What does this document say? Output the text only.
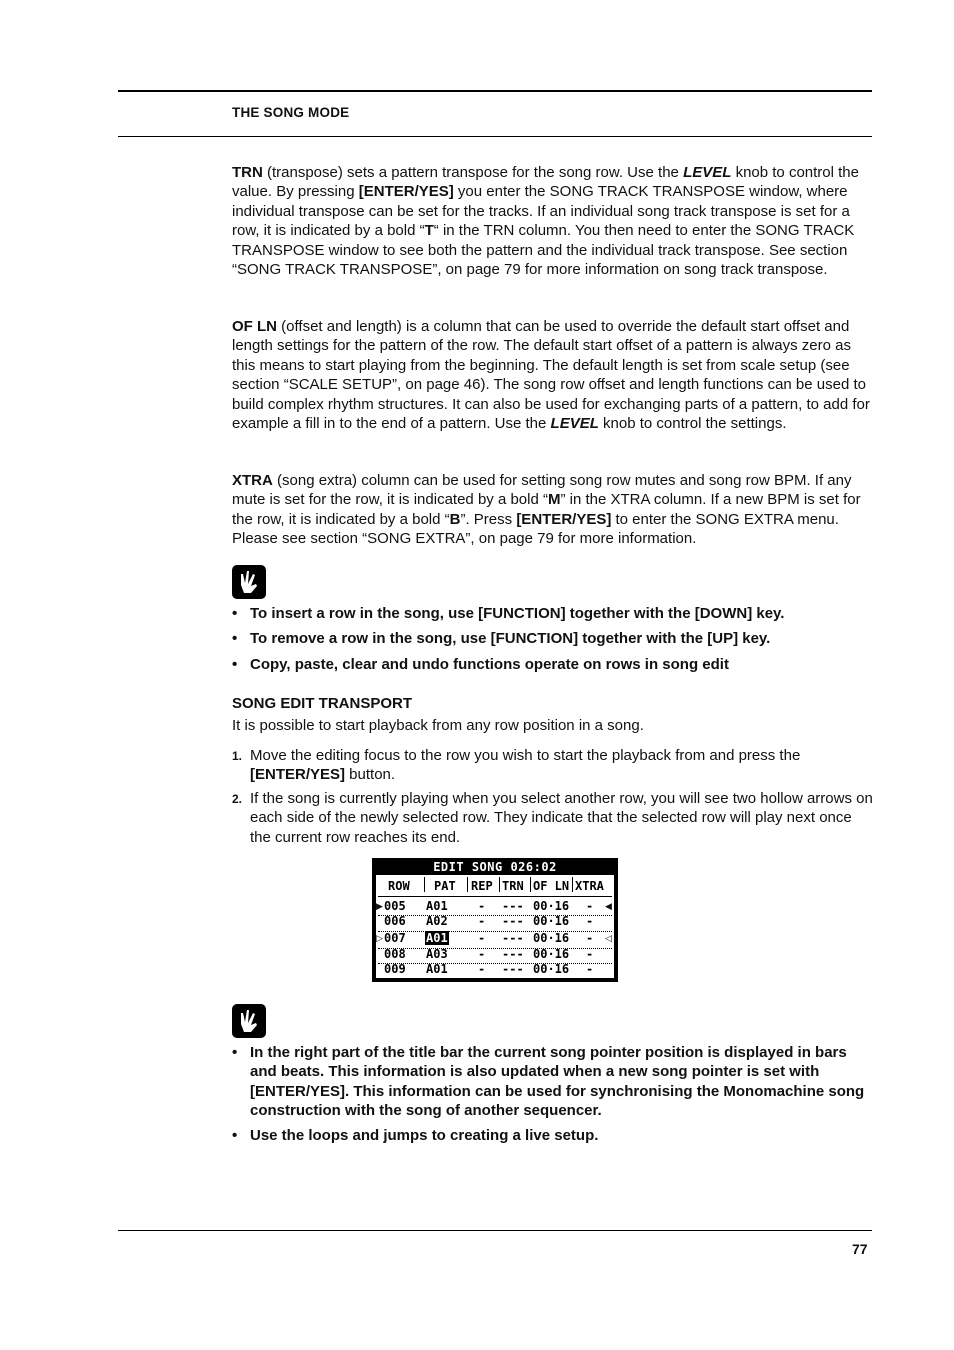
THE SONG MODE

TRN (transpose) sets a pattern transpose for the song row. Use the LEVEL knob to control the value. By pressing [ENTER/YES] you enter the SONG TRACK TRANSPOSE window, where individual transpose can be set for the tracks. If an individual song track transpose is set for a row, it is indicated by a bold “T“ in the TRN column. You then need to enter the SONG TRACK TRANSPOSE window to see both the pattern and the individual track transpose. See section “SONG TRACK TRANSPOSE”, on page 79 for more information on song track transpose.

OF LN (offset and length) is a column that can be used to override the default start offset and length settings for the pattern of the row. The default start offset of a pattern is always zero as this means to start playing from the beginning. The default length is set from scale setup (see section “SCALE SETUP”, on page 46). The song row offset and length functions can be used to build complex rhythm structures. It can also be used for exchanging parts of a pattern, to add for example a fill in to the end of a pattern. Use the LEVEL knob to control the settings.

XTRA (song extra) column can be used for setting song row mutes and song row BPM. If any mute is set for the row, it is indicated by a bold “M” in the XTRA column. If a new BPM is set for the row, it is indicated by a bold “B”. Press [ENTER/YES] to enter the SONG EXTRA menu. Please see section “SONG EXTRA”, on page 79 for more information.

• To insert a row in the song, use [FUNCTION] together with the [DOWN] key.
• To remove a row in the song, use [FUNCTION] together with the [UP] key.
• Copy, paste, clear and undo functions operate on rows in song edit
SONG EDIT TRANSPORT
It is possible to start playback from any row position in a song.
1. Move the editing focus to the row you wish to start the playback from and press the [ENTER/YES] button.
2. If the song is currently playing when you select another row, you will see two hollow arrows on each side of the newly selected row. They indicate that the selected row will play next once the current row reaches its end.
EDIT SONG 026:02
ROW PAT REP TRN OF LN XTRA
▶ 005 A01	- --- 00·16 - ◀
006 A02	- --- 00·16 -
▷ 007 A01	- --- 00·16 - ◁
008 A03	- --- 00·16 -
009 A01	- --- 00·16 -
• In the right part of the title bar the current song pointer position is displayed in bars and beats. This information is also updated when a new song pointer is set with [ENTER/YES]. This information can be used for synchronising the Monomachine song construction with the song of another sequencer.
• Use the loops and jumps to creating a live setup.
77
